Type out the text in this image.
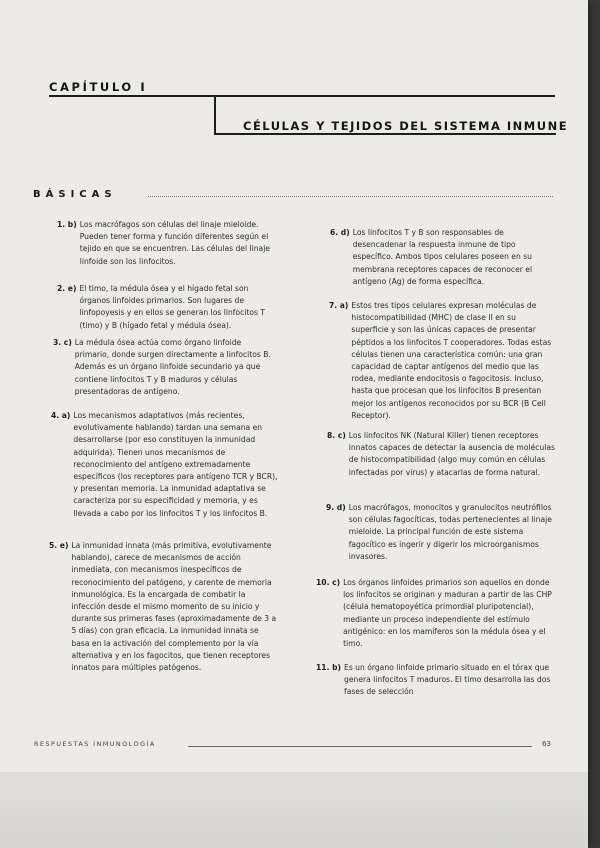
CAPÍTULO I
CÉLULAS Y TEJIDOS DEL SISTEMA INMUNE
BÁSICAS
1. b) Los macrófagos son células del linaje mieloide. Pueden tener forma y función diferentes según el tejido en que se encuentren. Las células del linaje linfoide son los linfocitos.
2. e) El timo, la médula ósea y el hígado fetal son órganos linfoides primarios. Son lugares de linfopoyesis y en ellos se generan los linfocitos T (timo) y B (hígado fetal y médula ósea).
3. c) La médula ósea actúa como órgano linfoide primario, donde surgen directamente a linfocitos B. Además es un órgano linfoide secundario ya que contiene linfocitos T y B maduros y células presentadoras de antígeno.
4. a) Los mecanismos adaptativos (más recientes, evolutivamente hablando) tardan una semana en desarrollarse (por eso constituyen la inmunidad adquirida). Tienen unos mecanismos de reconocimiento del antígeno extremadamente específicos (los receptores para antígeno TCR y BCR), y presentan memoria. La inmunidad adaptativa se caracteriza por su especificidad y memoria, y es llevada a cabo por los linfocitos T y los linfocitos B.
5. e) La inmunidad innata (más primitiva, evolutivamente hablando), carece de mecanismos de acción inmediata, con mecanismos inespecíficos de reconocimiento del patógeno, y carente de memoria inmunológica. Es la encargada de combatir la infección desde el mismo momento de su inicio y durante sus primeras fases (aproximadamente de 3 a 5 días) con gran eficacia. La inmunidad innata se basa en la activación del complemento por la vía alternativa y en los fagocitos, que tienen receptores innatos para múltiples patógenos.
6. d) Los linfocitos T y B son responsables de desencadenar la respuesta inmune de tipo específico. Ambos tipos celulares poseen en su membrana receptores capaces de reconocer el antígeno (Ag) de forma específica.
7. a) Estos tres tipos celulares expresan moléculas de histocompatibilidad (MHC) de clase II en su superficie y son las únicas capaces de presentar péptidos a los linfocitos T cooperadores. Todas estas células tienen una característica común: una gran capacidad de captar antígenos del medio que las rodea, mediante endocitosis o fagocitosis. Incluso, hasta que procesan que los linfocitos B presentan mejor los antígenos reconocidos por su BCR (B Cell Receptor).
8. c) Los linfocitos NK (Natural Killer) tienen receptores innatos capaces de detectar la ausencia de moléculas de histocompatibilidad (algo muy común en células infectadas por virus) y atacarlas de forma natural.
9. d) Los macrófagos, monocitos y granulocitos neutrófilos son células fagocíticas, todas pertenecientes al linaje mieloide. La principal función de este sistema fagocítico es ingerir y digerir los microorganismos invasores.
10. c) Los órganos linfoides primarios son aquellos en donde los linfocitos se originan y maduran a partir de las CHP (célula hematopoyética primordial pluripotencial), mediante un proceso independiente del estímulo antigénico: en los mamíferos son la médula ósea y el timo.
11. b) Es un órgano linfoide primario situado en el tórax que genera linfocitos T maduros. El timo desarrolla las dos fases de selección
RESPUESTAS INMUNOLOGÍA	63
